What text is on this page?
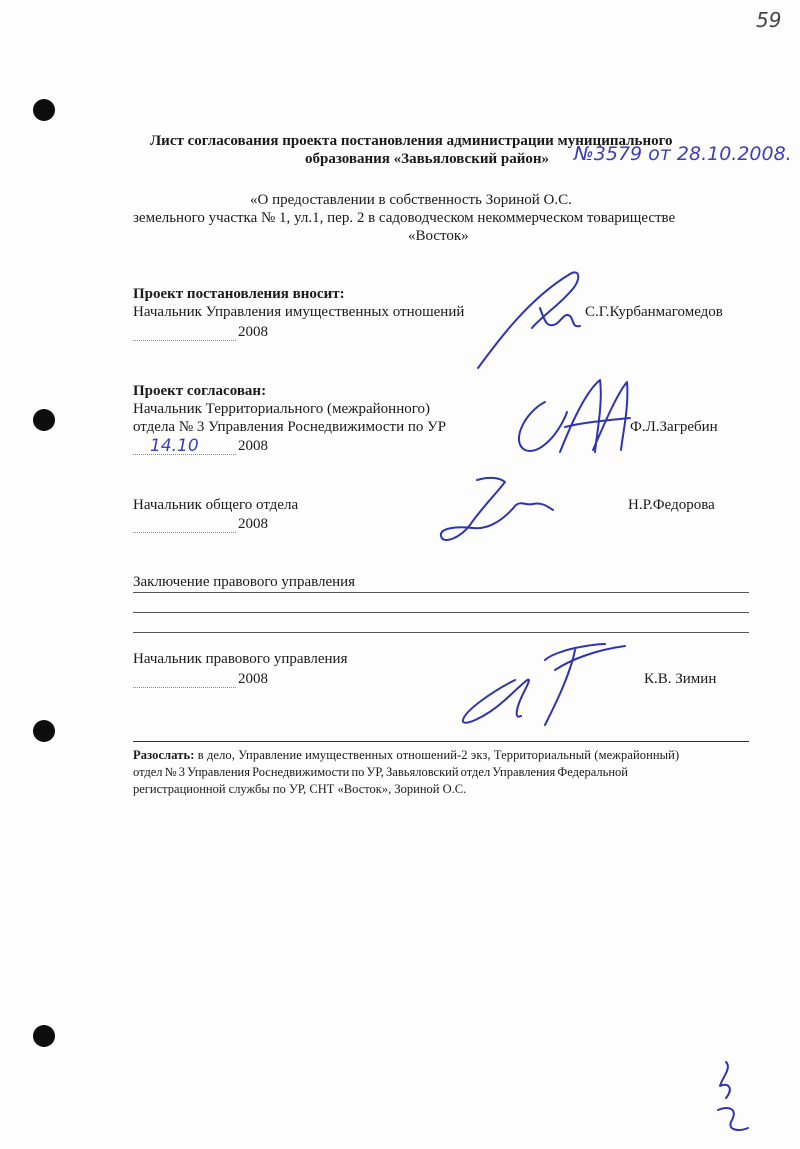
59
Лист согласования проекта постановления администрации муниципального
образования «Завьяловский район» №3579 от 28.10.2008.
«О предоставлении в собственность Зориной О.С.
земельного участка № 1, ул.1, пер. 2 в садоводческом некоммерческом товариществе
«Восток»
Проект постановления вносит:
Начальник Управления имущественных отношений	С.Г.Курбанмагомедов
2008
Проект согласован:
Начальник Территориального (межрайонного)
отдела № 3 Управления Роснедвижимости по УР	Ф.Л.Загребин
14.10	2008
Начальник общего отдела	Н.Р.Федорова
2008
Заключение правового управления
Начальник правового управления
2008	К.В. Зимин
Разослать: в дело, Управление имущественных отношений-2 экз, Территориальный (межрайонный)
отдел № 3 Управления Роснедвижимости по УР, Завьяловский отдел Управления Федеральной
регистрационной службы по УР, СНТ «Восток», Зориной О.С.
